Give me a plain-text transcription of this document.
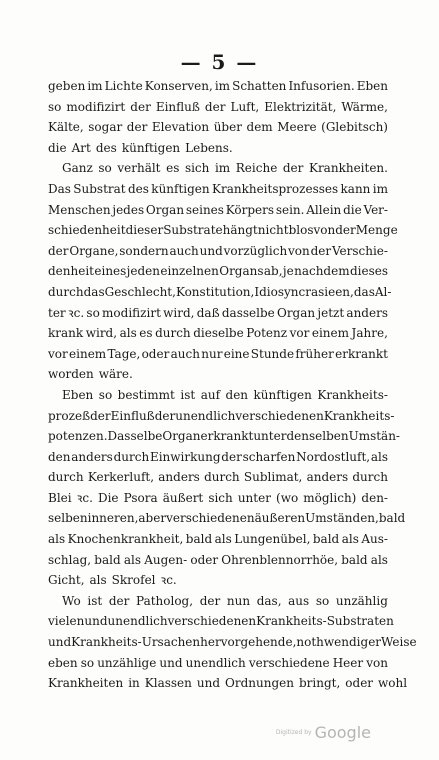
— 5 —
geben im Lichte Konserven, im Schatten Infusorien. Eben
so modifizirt der Einfluß der Luft, Elektrizität, Wärme,
Kälte, sogar der Elevation über dem Meere (Glebitsch)
die Art des künftigen Lebens.
Ganz so verhält es sich im Reiche der Krankheiten.
Das Substrat des künftigen Krankheitsprozesses kann im
Menschen jedes Organ seines Körpers sein. Allein die Ver-
schiedenheit dieser Substrate hängt nicht blos von der Menge
der Organe, sondern auch und vorzüglich von der Verschie-
denheit eines jeden einzelnen Organs ab, je nachdem dieses
durch das Geschlecht, Konstitution, Idiosyncrasieen, das Al-
ter ꝛc. so modifizirt wird, daß dasselbe Organ jetzt anders
krank wird, als es durch dieselbe Potenz vor einem Jahre,
vor einem Tage, oder auch nur eine Stunde früher erkrankt
worden wäre.
Eben so bestimmt ist auf den künftigen Krankheits-
prozeß der Einfluß der unendlich verschiedenen Krankheits-
potenzen. Dasselbe Organ erkrankt unter denselben Umstän-
den anders durch Einwirkung der scharfen Nordostluft, als
durch Kerkerluft, anders durch Sublimat, anders durch
Blei ꝛc. Die Psora äußert sich unter (wo möglich) den-
selben inneren, aber verschiedenen äußeren Umständen, bald
als Knochenkrankheit, bald als Lungenübel, bald als Aus-
schlag, bald als Augen- oder Ohrenblennorrhöe, bald als
Gicht, als Skrofel ꝛc.
Wo ist der Patholog, der nun das, aus so unzählig
vielen und unendlich verschiedenen Krankheits-Substraten
und Krankheits-Ursachen hervorgehende, nothwendiger Weise
eben so unzählige und unendlich verschiedene Heer von
Krankheiten in Klassen und Ordnungen bringt, oder wohl
Digitized by Google
